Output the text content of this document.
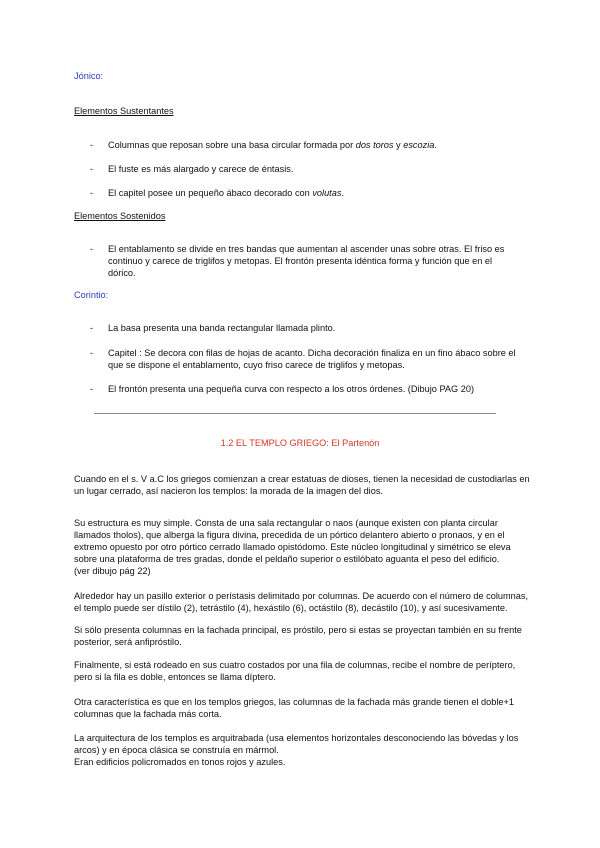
Jónico:
Elementos Sustentantes
- Columnas que reposan sobre una basa circular formada por dos toros y escozia.
- El fuste es más alargado y carece de éntasis.
- El capitel posee un pequeño ábaco decorado con volutas.
Elementos Sostenidos
- El entablamento se divide en tres bandas que aumentan al ascender unas sobre otras. El friso es
continuo y carece de triglifos y metopas. El frontón presenta idéntica forma y función que en el dórico.
Corintio:
- La basa presenta una banda rectangular llamada plinto.
- Capitel : Se decora con filas de hojas de acanto. Dicha decoración finaliza en un fino ábaco sobre el
que se dispone el entablamento, cuyo friso carece de triglifos y metopas.
- El frontón presenta una pequeña curva con respecto a los otros órdenes. (Dibujo PAG 20)
1.2 EL TEMPLO GRIEGO: El Partenón
Cuando en el s. V a.C los griegos comienzan a crear estatuas de dioses, tienen la necesidad de custodiarlas en
un lugar cerrado, así nacieron los templos: la morada de la imagen del dios.
Su estructura es muy simple. Consta de una sala rectangular o naos (aunque existen con planta circular
llamados tholos), que alberga la figura divina, precedida de un pórtico delantero abierto o pronaos, y en el
extremo opuesto por otro pórtico cerrado llamado opistódomo. Este núcleo longitudinal y simétrico se eleva
sobre una plataforma de tres gradas, donde el peldaño superior o estilóbato aguanta el peso del edificio.
(ver dibujo pág 22)
Alrededor hay un pasillo exterior o perístasis delimitado por columnas. De acuerdo con el número de columnas,
el templo puede ser dístilo (2), tetrástilo (4), hexástilo (6), octástilo (8), decástilo (10), y así sucesivamente.
Si sólo presenta columnas en la fachada principal, es próstilo, pero si estas se proyectan también en su frente
posterior, será anfipróstilo.
Finalmente, si está rodeado en sus cuatro costados por una fila de columnas, recibe el nombre de períptero,
pero si la fila es doble, entonces se llama díptero.
Otra característica es que en los templos griegos, las columnas de la fachada más grande tienen el doble+1
columnas que la fachada más corta.
La arquitectura de los templos es arquitrabada (usa elementos horizontales desconociendo las bóvedas y los
arcos) y en época clásica se construía en mármol.
Eran edificios policromados en tonos rojos y azules.
